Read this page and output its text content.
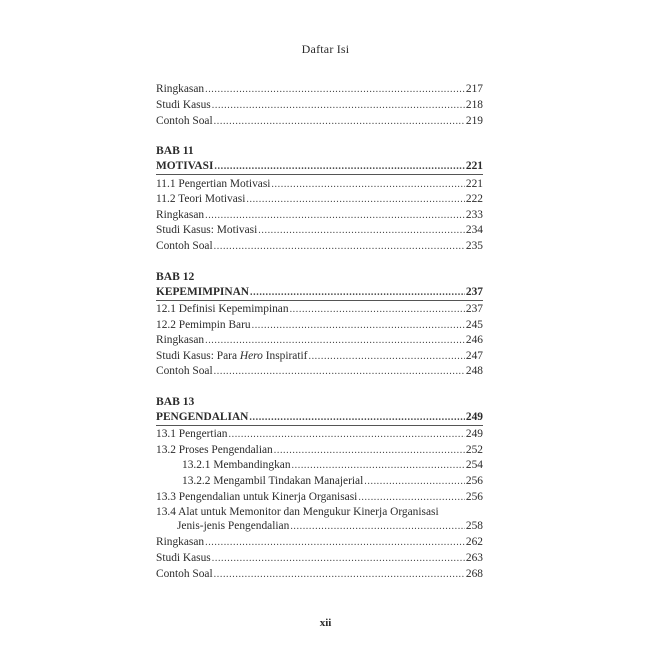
Daftar Isi
Ringkasan .....	217
Studi Kasus .....	218
Contoh Soal .....	219
BAB 11
MOTIVASI .....	221
11.1 Pengertian Motivasi .....	221
11.2 Teori Motivasi .....	222
Ringkasan .....	233
Studi Kasus: Motivasi .....	234
Contoh Soal .....	235
BAB 12
KEPEMIMPINAN .....	237
12.1 Definisi Kepemimpinan .....	237
12.2 Pemimpin Baru .....	245
Ringkasan .....	246
Studi Kasus: Para Hero Inspiratif .....	247
Contoh Soal .....	248
BAB 13
PENGENDALIAN .....	249
13.1 Pengertian .....	249
13.2 Proses Pengendalian .....	252
13.2.1 Membandingkan .....	254
13.2.2 Mengambil Tindakan Manajerial .....	256
13.3 Pengendalian untuk Kinerja Organisasi .....	256
13.4 Alat untuk Memonitor dan Mengukur Kinerja Organisasi
Jenis-jenis Pengendalian .....	258
Ringkasan .....	262
Studi Kasus .....	263
Contoh Soal .....	268
xii
